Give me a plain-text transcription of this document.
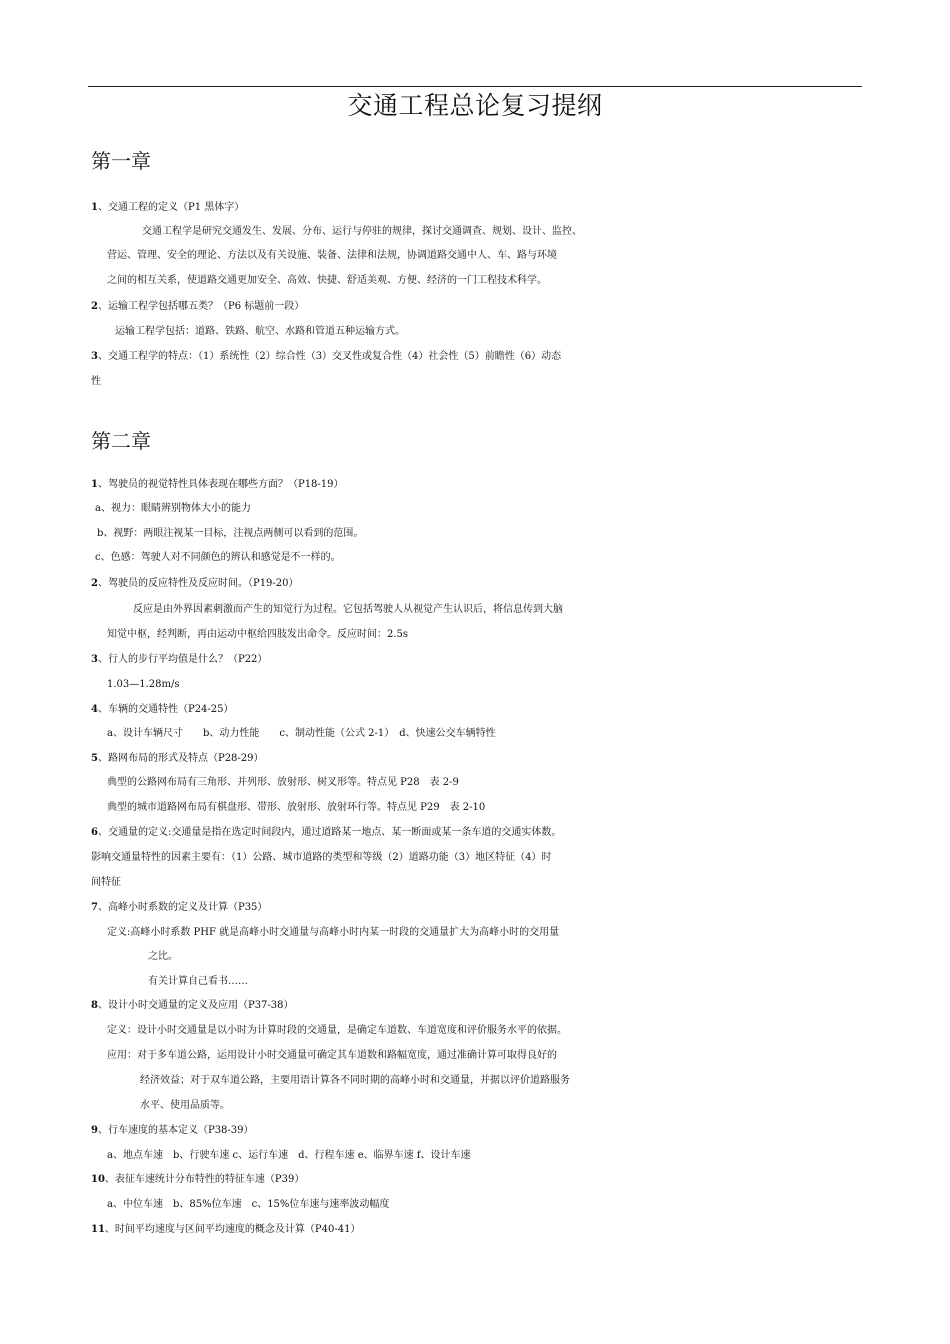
交通工程总论复习提纲
第一章
1、交通工程的定义（P1 黑体字）
交通工程学是研究交通发生、发展、分布、运行与停驻的规律，探讨交通调查、规划、设计、监控、
营运、管理、安全的理论、方法以及有关设施、装备、法律和法规，协调道路交通中人、车、路与环境
之间的相互关系，使道路交通更加安全、高效、快捷、舒适美观、方便、经济的一门工程技术科学。
2、运输工程学包括哪五类？（P6 标题前一段）
运输工程学包括：道路、铁路、航空、水路和管道五种运输方式。
3、交通工程学的特点：（1）系统性（2）综合性（3）交叉性或复合性（4）社会性（5）前瞻性（6）动态
性
第二章
1、驾驶员的视觉特性具体表现在哪些方面？（P18-19）
a、视力：眼睛辨别物体大小的能力
b、视野：两眼注视某一目标，注视点两侧可以看到的范围。
c、色感：驾驶人对不同颜色的辨认和感觉是不一样的。
2、驾驶员的反应特性及反应时间。（P19-20）
反应是由外界因素刺激而产生的知觉行为过程。它包括驾驶人从视觉产生认识后，将信息传到大脑
知觉中枢，经判断，再由运动中枢给四肢发出命令。反应时间：2.5s
3、行人的步行平均值是什么？（P22）
1.03—1.28m/s
4、车辆的交通特性（P24-25）
a、设计车辆尺寸　　b、动力性能　　c、制动性能（公式 2-1）　d、快速公交车辆特性
5、路网布局的形式及特点（P28-29）
典型的公路网布局有三角形、并列形、放射形、树叉形等。特点见 P28　表 2-9
典型的城市道路网布局有棋盘形、带形、放射形、放射环行等。特点见 P29　表 2-10
6、交通量的定义:交通量是指在选定时间段内，通过道路某一地点、某一断面或某一条车道的交通实体数。
影响交通量特性的因素主要有：（1）公路、城市道路的类型和等级（2）道路功能（3）地区特征（4）时
间特征
7、高峰小时系数的定义及计算（P35）
定义:高峰小时系数 PHF 就是高峰小时交通量与高峰小时内某一时段的交通量扩大为高峰小时的交用量
之比。
有关计算自己看书……
8、设计小时交通量的定义及应用（P37-38）
定义：设计小时交通量是以小时为计算时段的交通量，是确定车道数、车道宽度和评价服务水平的依据。
应用：对于多车道公路，运用设计小时交通量可确定其车道数和路幅宽度，通过准确计算可取得良好的
经济效益；对于双车道公路，主要用语计算各不同时期的高峰小时和交通量，并据以评价道路服务
水平、使用品质等。
9、行车速度的基本定义（P38-39）
a、地点车速　b、行驶车速 c、运行车速　d、行程车速 e、临界车速 f、设计车速
10、表征车速统计分布特性的特征车速（P39）
a、中位车速　b、85%位车速　c、15%位车速与速率波动幅度
11、时间平均速度与区间平均速度的概念及计算（P40-41）
